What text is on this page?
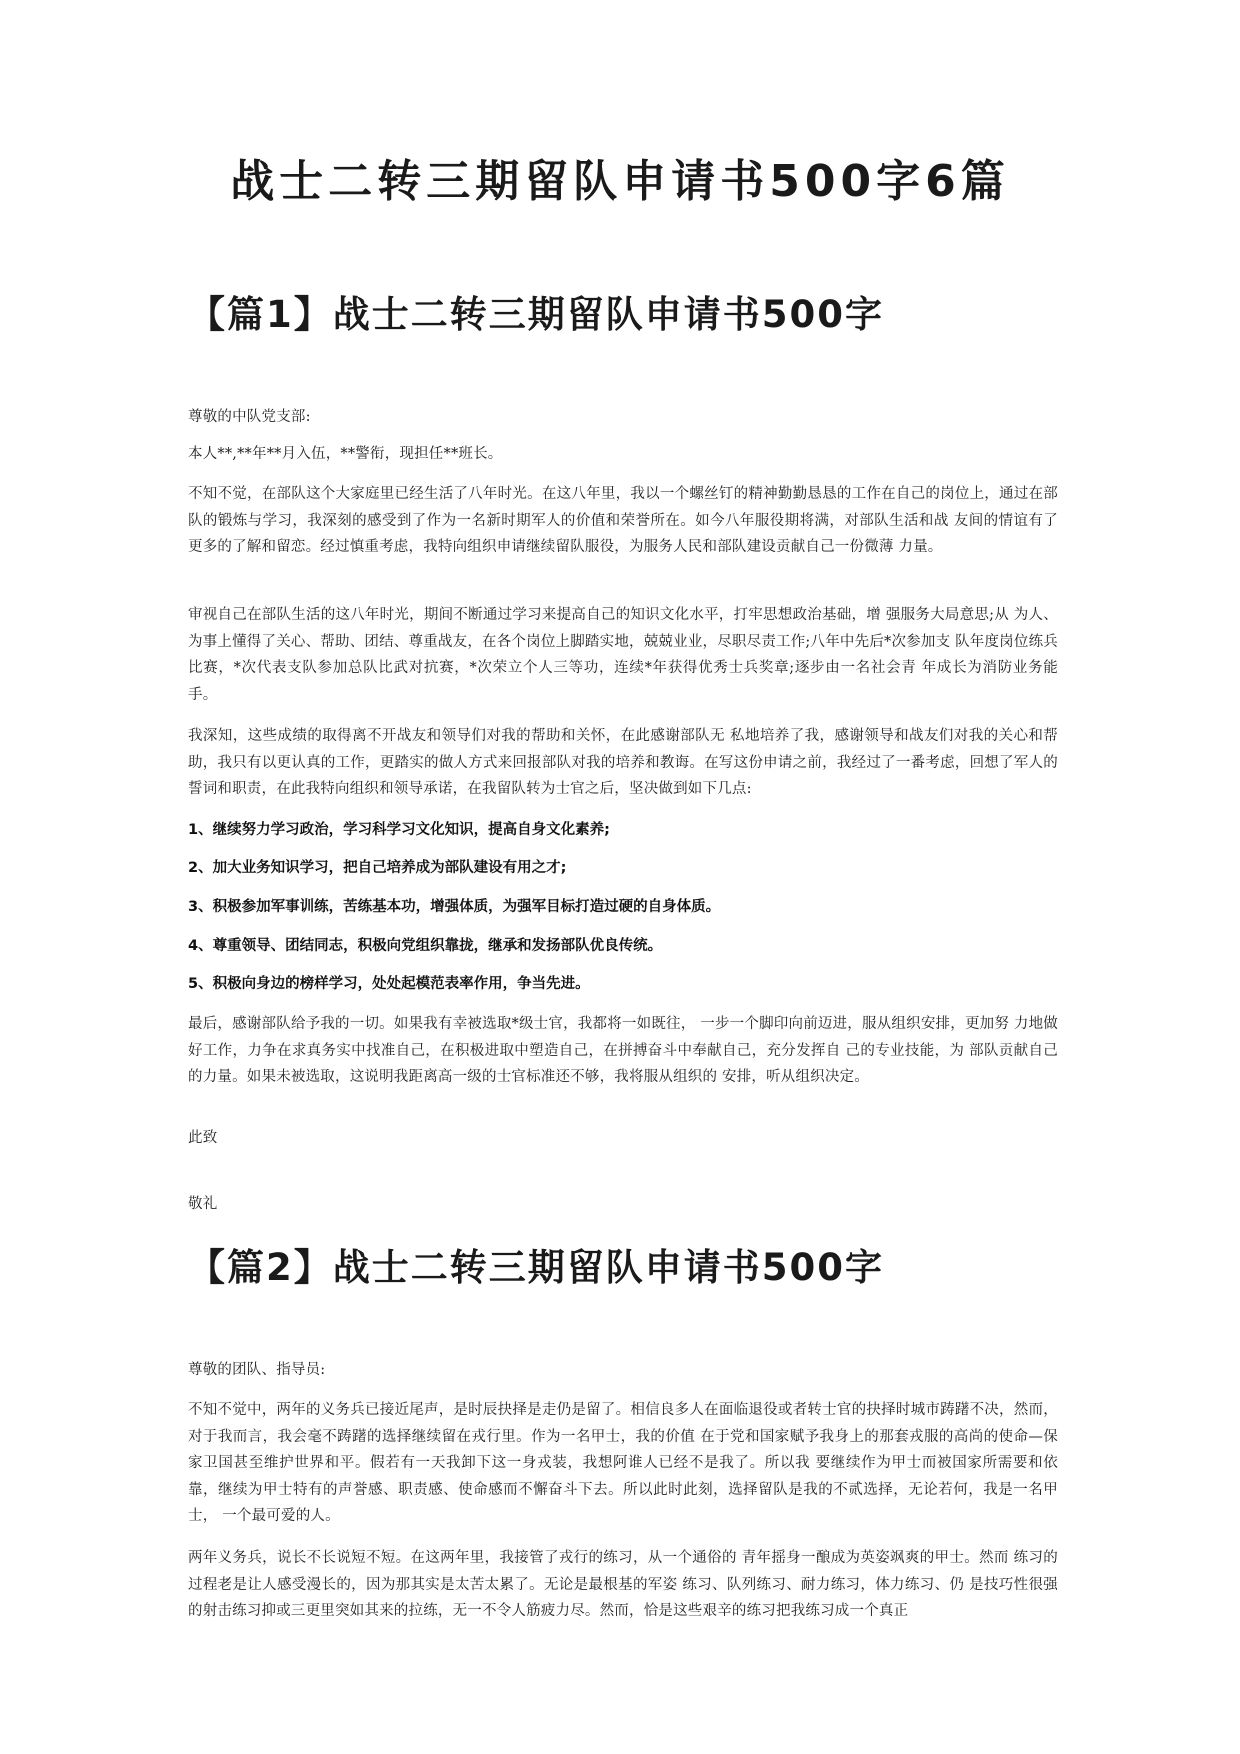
战士二转三期留队申请书500字6篇
【篇1】战士二转三期留队申请书500字

尊敬的中队党支部:

本人**,**年**月入伍，**警衔，现担任**班长。

不知不觉，在部队这个大家庭里已经生活了八年时光。在这八年里，我以一个螺丝钉的精神勤勤恳恳的工作在自己的岗位上，通过在部队的锻炼与学习，我深刻的感受到了作为一名新时期军人的价值和荣誉所在。如今八年服役期将满，对部队生活和战 友间的情谊有了更多的了解和留恋。经过慎重考虑，我特向组织申请继续留队服役，为服务人民和部队建设贡献自己一份微薄 力量。

审视自己在部队生活的这八年时光，期间不断通过学习来提高自己的知识文化水平，打牢思想政治基础，增 强服务大局意思;从 为人、为事上懂得了关心、帮助、团结、尊重战友，在各个岗位上脚踏实地，兢兢业业，尽职尽责工作;八年中先后*次参加支 队年度岗位练兵比赛，*次代表支队参加总队比武对抗赛，*次荣立个人三等功，连续*年获得优秀士兵奖章;逐步由一名社会青 年成长为消防业务能手。

我深知，这些成绩的取得离不开战友和领导们对我的帮助和关怀，在此感谢部队无 私地培养了我，感谢领导和战友们对我的关心和帮助，我只有以更认真的工作，更踏实的做人方式来回报部队对我的培养和教诲。在写这份申请之前，我经过了一番考虑，回想了军人的誓词和职责，在此我特向组织和领导承诺，在我留队转为士官之后，坚决做到如下几点:

1、继续努力学习政治，学习科学习文化知识，提高自身文化素养;

2、加大业务知识学习，把自己培养成为部队建设有用之才;

3、积极参加军事训练，苦练基本功，增强体质，为强军目标打造过硬的自身体质。

4、尊重领导、团结同志，积极向党组织靠拢，继承和发扬部队优良传统。

5、积极向身边的榜样学习，处处起模范表率作用，争当先进。

最后，感谢部队给予我的一切。如果我有幸被选取*级士官，我都将一如既往， 一步一个脚印向前迈进，服从组织安排，更加努 力地做好工作，力争在求真务实中找准自己，在积极进取中塑造自己，在拼搏奋斗中奉献自己，充分发挥自 己的专业技能，为 部队贡献自己的力量。如果未被选取，这说明我距离高一级的士官标准还不够，我将服从组织的 安排，听从组织决定。

此致

敬礼

【篇2】战士二转三期留队申请书500字

尊敬的团队、指导员:

不知不觉中，两年的义务兵已接近尾声，是时辰抉择是走仍是留了。相信良多人在面临退役或者转士官的抉择时城市踌躇不决，然而，对于我而言，我会毫不踌躇的选择继续留在戎行里。作为一名甲士，我的价值 在于党和国家赋予我身上的那套戎服的高尚的使命—保家卫国甚至维护世界和平。假若有一天我卸下这一身戎装，我想阿谁人已经不是我了。所以我 要继续作为甲士而被国家所需要和依靠，继续为甲士特有的声誉感、职责感、使命感而不懈奋斗下去。所以此时此刻，选择留队是我的不贰选择，无论若何，我是一名甲士， 一个最可爱的人。

两年义务兵，说长不长说短不短。在这两年里，我接管了戎行的练习，从一个通俗的 青年摇身一酿成为英姿飒爽的甲士。然而 练习的过程老是让人感受漫长的，因为那其实是太苦太累了。无论是最根基的军姿 练习、队列练习、耐力练习，体力练习、仍 是技巧性很强的射击练习抑或三更里突如其来的拉练，无一不令人筋疲力尽。然而，恰是这些艰辛的练习把我练习成一个真正
